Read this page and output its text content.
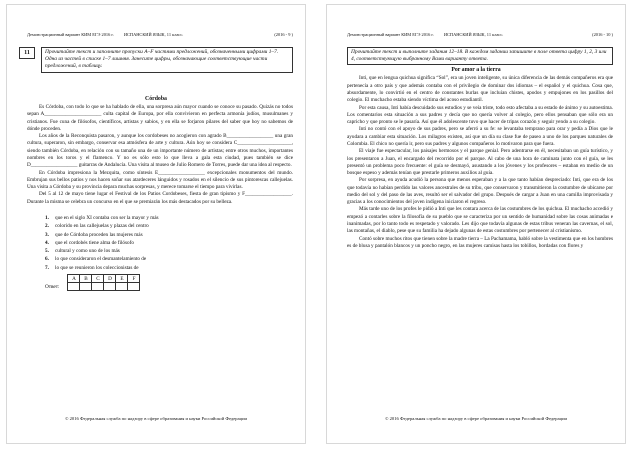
Демонстрационный вариант КИМ ЕГЭ 2016 г. ИСПАНСКИЙ ЯЗЫК, 11 класс.	(2016 - 9 )
11	Прочитайте текст и заполните пропуски A–F частями предложений, обозначенными цифрами 1–7. Одна из частей в списке 1–7 лишняя. Занесите цифры, обозначающие соответствующие части предложений, в таблицу.
Córdoba

Es Córdoba, con todo lo que se ha hablado de ella, una sorpresa aún mayor cuando se conoce su pasado. Quizás no todos sepan A______________________ culta capital de Europa, por ella convivieron en perfecta armonía judíos, musulmanes y cristianos. Fue cuna de filósofos, científicos, artistas y sabios, y en ella se forjaron pilares del saber que hoy no sabemos de dónde proceden.

Los años de la Reconquista pasaron, y aunque los cordobeses no acogieron con agrado B__________________ una gran cultura, superaron, sin embargo, conservar esa atmósfera de arte y cultura. Aún hoy se considera C_____________________, siendo también Córdoba, en relación con su tamaño una de un importante número de artistas; entre otros muchos, importantes nombres en los toros y el flamenco. Y no es sólo esto lo que lleva a gala esta ciudad, pues también se dice D__________________ guitarras de Andalucía. Una visita al museo de Julio Romero de Torres, puede dar una idea al respecto.

En Córdoba impresiona la Mezquita, como síntesis E__________________ excepcionales monumentos del mundo. Embrujan sus bellos patios y nos hacen soñar sus atardeceres lánguidos y rosados en el silencio de sus pintorescas callejuelas. Una visita a Córdoba y su provincia depara muchas sorpresas, y merece tomarse el tiempo para vivirlas.

Del 5 al 12 de mayo tiene lugar el Festival de los Patios Cordobeses, fiesta de gran tipismo y F__________________. Durante la misma se celebra un concurso en el que se premiarán los más destacados por su belleza.

1.	que en el siglo XI contaba con ser la mayor y más
2.	colorido en las callejuelas y plazas del centro
3.	que de Córdoba proceden las mujeres más
4.	que el cordobés tiene alma de filósofo
5.	cultural y como uno de los más
6.	lo que consideraron el desmantelamiento de
7.	lo que se reunieron los coleccionistas de
Ответ:
A	B	C	D	E	F

© 2016 Федеральная служба по надзору в сфере образования и науки Российской Федерации
Демонстрационный вариант КИМ ЕГЭ 2016 г. ИСПАНСКИЙ ЯЗЫК, 11 класс.	(2016 - 10 )
Прочитайте текст и выполните задания 12–18. В каждом задании запишите в поле ответа цифру 1, 2, 3 или 4, соответствующую выбранному Вами варианту ответа.
Por amor a la tierra

Inti, que en lengua quichua significa “Sol”, era un joven inteligente, su única diferencia de las demás compañeros era que pertenecía a otro país y que además contaba con el privilegio de dominar dos idiomas – el español y el quichua. Cosa que, absurdamente, lo convirtió en el centro de constantes burlas que incluían chistes, apodos y empujones en los pasillos del colegio. El muchacho estaba siendo víctima del acoso estudiantil.

Por esta causa, Inti había descuidado sus estudios y se veía triste, todo esto afectaba a su estado de ánimo y su autoestima. Los comentarios esta situación a sus padres y decía que no quería volver al colegio, pero ellos pensaban que sólo era un capricho y que pronto se le pasaría. Así que él adolescente tuvo que hacer de tripas corazón y seguir yendo a su colegio.

Inti no contó con el apoyo de sus padres, pero se aferró a su fe: se levantaba temprano para orar y pedía a Dios que le ayudara a cambiar esta situación. Los milagros existen, así que un día su clase fue de paseo a uno de los parques naturales de Colombia. El chico no quería ir, pero sus padres y algunos compañeros lo motivaron para que fuera.

El viaje fue espectacular, los paisajes hermosos y el parque genial. Pero adentrarse en él, necesitaban un guía turístico, y los presentaron a Juan, el encargado del recorrido por el parque. Al cabo de una hora de caminata junto con el guía, se les presentó un problema poco frecuente: el guía se desmayó, asustando a los jóvenes y los profesores – estaban en medio de un bosque espeso y además tenían que prestarle primeros auxilios al guía.

Por sorpresa, en ayuda acudió la persona que menos esperaban y a la que tanto habían despreciado: Inti, que era de los que todavía no habían perdido las valores ancestrales de su tribu, que conservaron y transmitieron la costumbre de ubicarse por medio del sol y del paso de las aves, resultó ser el salvador del grupo. Después de cargar a Juan en una camilla improvisada y gracias a los conocimientos del joven indígena iniciaron el regreso.

Más tarde uno de los profes le pidió a Inti que les contara acerca de las costumbres de los quichua. El muchacho accedió y empezó a contarles sobre la filosofía de su pueblo que se caracteriza por un sentido de humanidad sobre las cosas animadas e inanimadas, por lo tanto todo es respetado y valorado. Les dijo que todavía algunas de estas tribus veneran las cavernas, el sol, las montañas, el diablo, pese que su familia ha dejado algunas de estas costumbres por pertenecer al cristianismo.

Contó sobre muchos ritos que tienen sobre la madre tierra – La Pachamama, habló sobre la vestimenta que en los hombres es de blusa y pantalón blancos y un poncho negro, en las mujeres camisas hasta los tobillos, bordadas con flores y

© 2016 Федеральная служба по надзору в сфере образования и науки Российской Федерации
